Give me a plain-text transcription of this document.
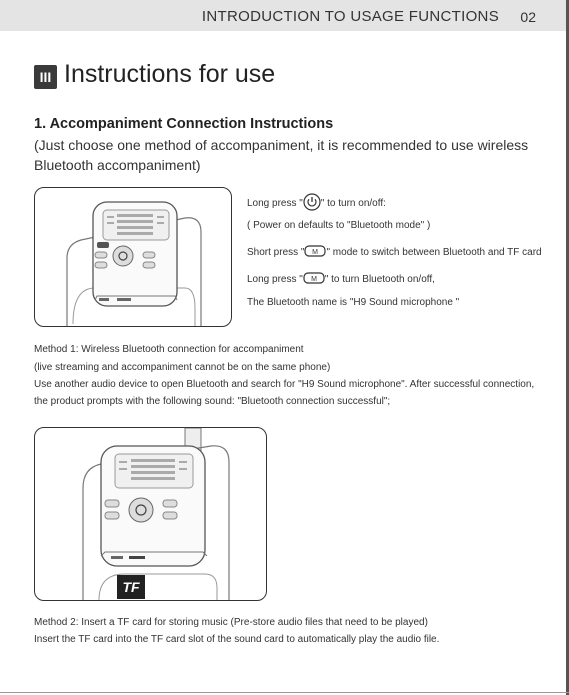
INTRODUCTION TO USAGE FUNCTIONS 02
III Instructions for use
1. Accompaniment Connection Instructions
(Just choose one method of accompaniment, it is recommended to use wireless Bluetooth accompaniment)
Long press " " to turn on/off:
( Power on defaults to "Bluetooth mode" )
Short press " M " mode to switch between Bluetooth and TF card
Long press " M " to turn Bluetooth on/off,
The Bluetooth name is "H9 Sound microphone "
Method 1: Wireless Bluetooth connection for accompaniment
(live streaming and accompaniment cannot be on the same phone)
Use another audio device to open Bluetooth and search for "H9 Sound microphone". After successful connection,
the product prompts with the following sound: "Bluetooth connection successful";
TF
Method 2: Insert a TF card for storing music (Pre-store audio files that need to be played)
Insert the TF card into the TF card slot of the sound card to automatically play the audio file.
